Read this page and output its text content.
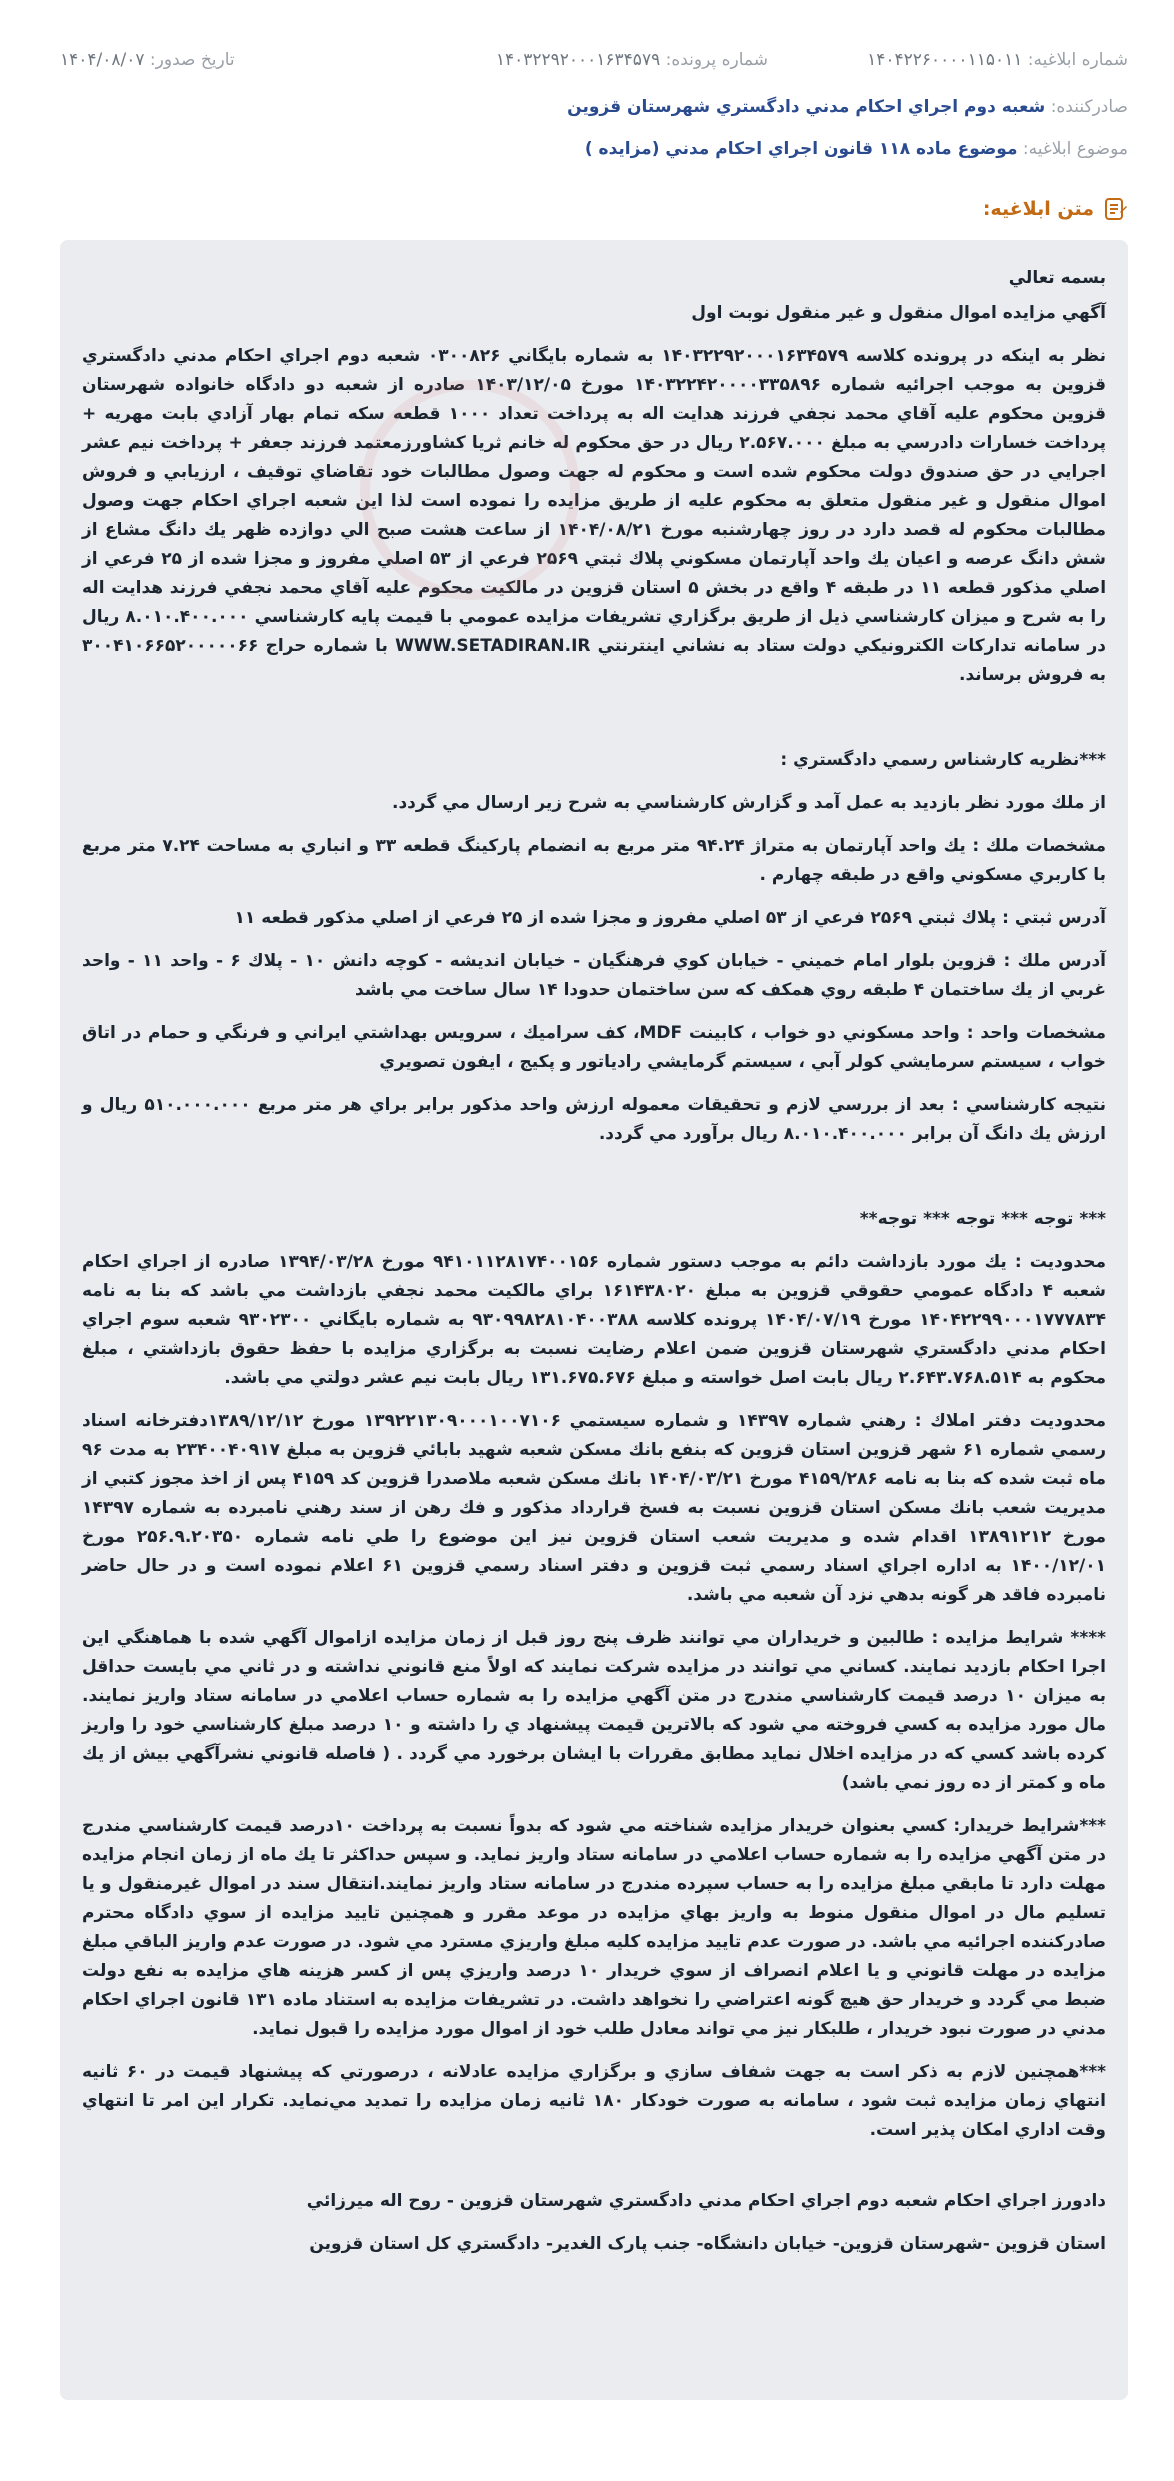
شماره ابلاغيه: ۱۴۰۴۲۲۶۰۰۰۰۱۱۵۰۱۱
شماره پرونده: ۱۴۰۳۲۲۹۲۰۰۰۱۶۳۴۵۷۹
تاريخ صدور: ۱۴۰۴/۰۸/۰۷
صادرکننده: شعبه دوم اجراي احكام مدني دادگستري شهرستان قزوين
موضوع ابلاغيه: موضوع ماده ۱۱۸ قانون اجراي احكام مدني (مزايده )
متن ابلاغيه:

بسمه تعالي

آگهي مزايده اموال منقول و غير منقول نوبت اول

نظر به اينكه در پرونده كلاسه ۱۴۰۳۲۲۹۲۰۰۰۱۶۳۴۵۷۹ به شماره بايگاني ۰۳۰۰۸۲۶ شعبه دوم اجراي احكام مدني دادگستري قزوين به موجب اجرائيه شماره ۱۴۰۳۲۲۴۲۰۰۰۰۳۳۵۸۹۶ مورخ ۱۴۰۳/۱۲/۰۵ صادره از شعبه دو دادگاه خانواده شهرستان قزوين محكوم عليه آقاي محمد نجفي فرزند هدايت اله به پرداخت تعداد ۱۰۰۰ قطعه سكه تمام بهار آزادي بابت مهريه + پرداخت خسارات دادرسي به مبلغ ۲.۵۶۷.۰۰۰ ريال در حق محكوم له خانم ثريا كشاورزمعتمد فرزند جعفر + پرداخت نيم عشر اجرايي در حق صندوق دولت محكوم شده است و محكوم له جهت وصول مطالبات خود تقاضاي توقيف ، ارزيابي و فروش اموال منقول و غير منقول متعلق به محكوم عليه از طريق مزايده را نموده است لذا اين شعبه اجراي احكام جهت وصول مطالبات محكوم له قصد دارد در روز چهارشنبه مورخ ۱۴۰۴/۰۸/۲۱ از ساعت هشت صبح الي دوازده ظهر يك دانگ مشاع از شش دانگ عرصه و اعيان يك واحد آپارتمان مسكوني پلاك ثبتي ۲۵۶۹ فرعي از ۵۳ اصلي مفروز و مجزا شده از ۲۵ فرعي از اصلي مذكور قطعه ۱۱ در طبقه ۴ واقع در بخش ۵ استان قزوين در مالكيت محكوم عليه آقاي محمد نجفي فرزند هدايت اله را به شرح و ميزان كارشناسي ذيل از طريق برگزاري تشريفات مزايده عمومي با قيمت پايه كارشناسي ۸.۰۱۰.۴۰۰.۰۰۰ ريال در سامانه تداركات الكترونيكي دولت ستاد به نشاني اينترنتي WWW.SETADIRAN.IR با شماره حراج ۳۰۰۴۱۰۶۶۵۲۰۰۰۰۰۶۶ به فروش برساند.

***نظريه كارشناس رسمي دادگستري :

از ملك مورد نظر بازديد به عمل آمد و گزارش كارشناسي به شرح زير ارسال مي گردد.

مشخصات ملك : يك واحد آپارتمان به متراژ ۹۴.۲۴ متر مربع به انضمام پاركينگ قطعه ۳۳ و انباري به مساحت ۷.۲۴ متر مربع با كاربري مسكوني واقع در طبقه چهارم .

آدرس ثبتي : پلاك ثبتي ۲۵۶۹ فرعي از ۵۳ اصلي مفروز و مجزا شده از ۲۵ فرعي از اصلي مذكور قطعه ۱۱

آدرس ملك : قزوين بلوار امام خميني - خيابان كوي فرهنگيان - خيابان انديشه - كوچه دانش ۱۰ - پلاك ۶ - واحد ۱۱ - واحد غربي از يك ساختمان ۴ طبقه روي همكف كه سن ساختمان حدودا ۱۴ سال ساخت مي باشد

مشخصات واحد : واحد مسكوني دو خواب ، كابينت MDF، كف سراميك ، سرويس بهداشتي ايراني و فرنگي و حمام در اتاق خواب ، سيستم سرمايشي كولر آبي ، سيستم گرمايشي رادياتور و پكيج ، ايفون تصويري

نتيجه كارشناسي : بعد از بررسي لازم و تحقيقات معموله ارزش واحد مذكور برابر براي هر متر مربع ۵۱۰.۰۰۰.۰۰۰ ريال و ارزش يك دانگ آن برابر ۸.۰۱۰.۴۰۰.۰۰۰ ريال برآورد مي گردد.

*** توجه *** توجه *** توجه**

محدوديت : يك مورد بازداشت دائم به موجب دستور شماره ۹۴۱۰۱۱۲۸۱۷۴۰۰۱۵۶ مورخ ۱۳۹۴/۰۳/۲۸ صادره از اجراي احكام شعبه ۴ دادگاه عمومي حقوقي قزوين به مبلغ ۱۶۱۴۳۸۰۲۰ براي مالكيت محمد نجفي بازداشت مي باشد كه بنا به نامه ۱۴۰۴۲۲۹۹۰۰۰۱۷۷۷۸۳۴ مورخ ۱۴۰۴/۰۷/۱۹ پرونده كلاسه ۹۳۰۹۹۸۲۸۱۰۴۰۰۳۸۸ به شماره بايگاني ۹۳۰۲۳۰۰ شعبه سوم اجراي احكام مدني دادگستري شهرستان قزوين ضمن اعلام رضايت نسبت به برگزاري مزايده با حفظ حقوق بازداشتي ، مبلغ محكوم به ۲.۶۴۳.۷۶۸.۵۱۴ ريال بابت اصل خواسته و مبلغ ۱۳۱.۶۷۵.۶۷۶ ريال بابت نيم عشر دولتي مي باشد.

محدوديت دفتر املاك : رهني شماره ۱۴۳۹۷ و شماره سيستمي ۱۳۹۲۲۱۳۰۹۰۰۰۱۰۰۷۱۰۶ مورخ ۱۳۸۹/۱۲/۱۲دفترخانه اسناد رسمي شماره ۶۱ شهر قزوين استان قزوين كه بنفع بانك مسكن شعبه شهيد بابائي قزوين به مبلغ ۲۳۴۰۰۴۰۹۱۷ به مدت ۹۶ ماه ثبت شده كه بنا به نامه ۴۱۵۹/۲۸۶ مورخ ۱۴۰۴/۰۳/۲۱ بانك مسكن شعبه ملاصدرا قزوين كد ۴۱۵۹ پس از اخذ مجوز كتبي از مديريت شعب بانك مسكن استان قزوين نسبت به فسخ قرارداد مذكور و فك رهن از سند رهني نامبرده به شماره ۱۴۳۹۷ مورخ ۱۳۸۹۱۲۱۲ اقدام شده و مديريت شعب استان قزوين نيز اين موضوع را طي نامه شماره ۲۵۶.۹.۲۰۳۵۰ مورخ ۱۴۰۰/۱۲/۰۱ به اداره اجراي اسناد رسمي ثبت قزوين و دفتر اسناد رسمي قزوين ۶۱ اعلام نموده است و در حال حاضر نامبرده فاقد هر گونه بدهي نزد آن شعبه مي باشد.

**** شرايط مزايده : طالبين و خريداران مي توانند ظرف پنج روز قبل از زمان مزايده ازاموال آگهي شده با هماهنگي اين اجرا احكام بازديد نمايند. كساني مي توانند در مزايده شركت نمايند كه اولاً منع قانوني نداشته و در ثاني مي بايست حداقل به ميزان ۱۰ درصد قيمت كارشناسي مندرج در متن آگهي مزايده را به شماره حساب اعلامي در سامانه ستاد واريز نمايند. مال مورد مزايده به كسي فروخته مي شود كه بالاترين قيمت پيشنهاد ي را داشته و ۱۰ درصد مبلغ كارشناسي خود را واريز كرده باشد كسي كه در مزايده اخلال نمايد مطابق مقررات با ايشان برخورد مي گردد . ( فاصله قانوني نشرآگهي بيش از يك ماه و كمتر از ده روز نمي باشد)

***شرايط خريدار: كسي بعنوان خريدار مزايده شناخته مي شود كه بدواً نسبت به پرداخت ۱۰درصد قيمت كارشناسي مندرج در متن آگهي مزايده را به شماره حساب اعلامي در سامانه ستاد واريز نمايد. و سپس حداكثر تا يك ماه از زمان انجام مزايده مهلت دارد تا مابقي مبلغ مزايده را به حساب سپرده مندرج در سامانه ستاد واريز نمايند.انتقال سند در اموال غيرمنقول و يا تسليم مال در اموال منقول منوط به واريز بهاي مزايده در موعد مقرر و همچنين تاييد مزايده از سوي دادگاه محترم صادركننده اجرائيه مي باشد. در صورت عدم تاييد مزايده كليه مبلغ واريزي مسترد مي شود. در صورت عدم واريز الباقي مبلغ مزايده در مهلت قانوني و يا اعلام انصراف از سوي خريدار ۱۰ درصد واريزي پس از كسر هزينه هاي مزايده به نفع دولت ضبط مي گردد و خريدار حق هيچ گونه اعتراضي را نخواهد داشت. در تشريفات مزايده به استناد ماده ۱۳۱ قانون اجراي احكام مدني در صورت نبود خريدار ، طلبكار نيز مي تواند معادل طلب خود از اموال مورد مزايده را قبول نمايد.

***همچنين لازم به ذكر است به جهت شفاف سازي و برگزاري مزايده عادلانه ، درصورتي كه پيشنهاد قيمت در ۶۰ ثانيه انتهاي زمان مزايده ثبت شود ، سامانه به صورت خودكار ۱۸۰ ثانيه زمان مزايده را تمديد مي‌نمايد. تكرار اين امر تا انتهاي وقت اداري امكان پذير است.

دادورز اجراي احكام شعبه دوم اجراي احكام مدني دادگستري شهرستان قزوين - روح اله ميرزائي

استان قزوين -شهرستان قزوين- خيابان دانشگاه- جنب پارک الغدير- دادگستري کل استان قزوين
